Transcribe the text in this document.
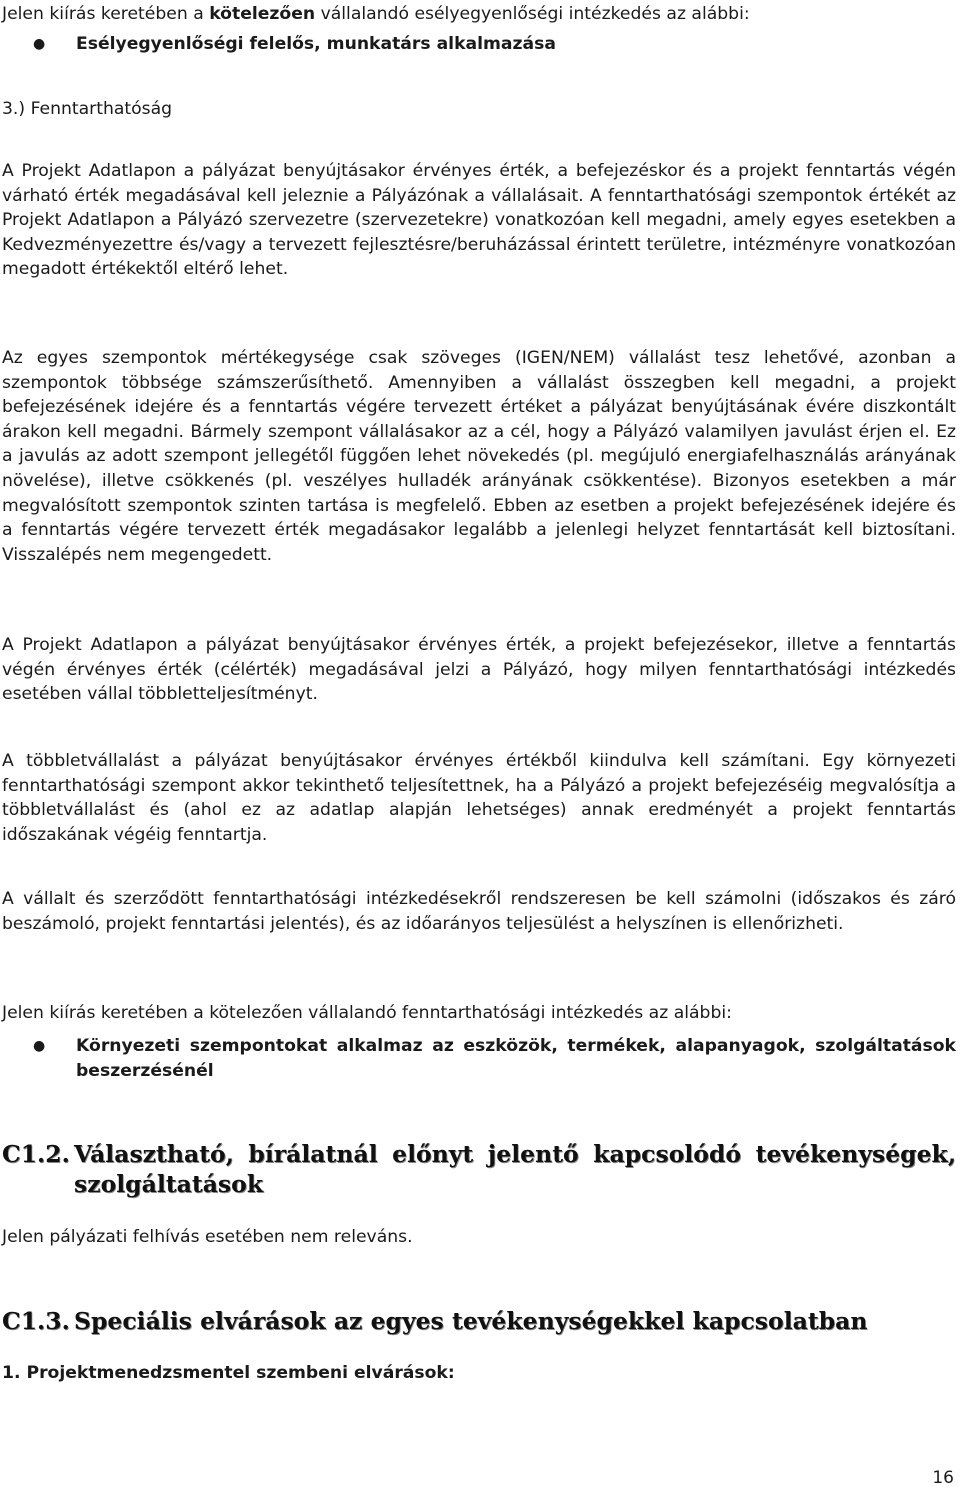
Jelen kiírás keretében a kötelezően vállalandó esélyegyenlőségi intézkedés az alábbi:

● Esélyegyenlőségi felelős, munkatárs alkalmazása

3.) Fenntarthatóság

A Projekt Adatlapon a pályázat benyújtásakor érvényes érték, a befejezéskor és a projekt fenntartás végén várható érték megadásával kell jeleznie a Pályázónak a vállalásait. A fenntarthatósági szempontok értékét az Projekt Adatlapon a Pályázó szervezetre (szervezetekre) vonatkozóan kell megadni, amely egyes esetekben a Kedvezményezettre és/vagy a tervezett fejlesztésre/beruházással érintett területre, intézményre vonatkozóan megadott értékektől eltérő lehet.

Az egyes szempontok mértékegysége csak szöveges (IGEN/NEM) vállalást tesz lehetővé, azonban a szempontok többsége számszerűsíthető. Amennyiben a vállalást összegben kell megadni, a projekt befejezésének idejére és a fenntartás végére tervezett értéket a pályázat benyújtásának évére diszkontált árakon kell megadni. Bármely szempont vállalásakor az a cél, hogy a Pályázó valamilyen javulást érjen el. Ez a javulás az adott szempont jellegétől függően lehet növekedés (pl. megújuló energiafelhasználás arányának növelése), illetve csökkenés (pl. veszélyes hulladék arányának csökkentése). Bizonyos esetekben a már megvalósított szempontok szinten tartása is megfelelő. Ebben az esetben a projekt befejezésének idejére és a fenntartás végére tervezett érték megadásakor legalább a jelenlegi helyzet fenntartását kell biztosítani. Visszalépés nem megengedett.

A Projekt Adatlapon a pályázat benyújtásakor érvényes érték, a projekt befejezésekor, illetve a fenntartás végén érvényes érték (célérték) megadásával jelzi a Pályázó, hogy milyen fenntarthatósági intézkedés esetében vállal többletteljesítményt.

A többletvállalást a pályázat benyújtásakor érvényes értékből kiindulva kell számítani. Egy környezeti fenntarthatósági szempont akkor tekinthető teljesítettnek, ha a Pályázó a projekt befejezéséig megvalósítja a többletvállalást és (ahol ez az adatlap alapján lehetséges) annak eredményét a projekt fenntartás időszakának végéig fenntartja.

A vállalt és szerződött fenntarthatósági intézkedésekről rendszeresen be kell számolni (időszakos és záró beszámoló, projekt fenntartási jelentés), és az időarányos teljesülést a helyszínen is ellenőrizheti.

Jelen kiírás keretében a kötelezően vállalandó fenntarthatósági intézkedés az alábbi:

● Környezeti szempontokat alkalmaz az eszközök, termékek, alapanyagok, szolgáltatások beszerzésénél
C1.2. Választható, bírálatnál előnyt jelentő kapcsolódó tevékenységek, szolgáltatások

Jelen pályázati felhívás esetében nem releváns.

C1.3. Speciális elvárások az egyes tevékenységekkel kapcsolatban

1. Projektmenedzsmentel szembeni elvárások:

16
